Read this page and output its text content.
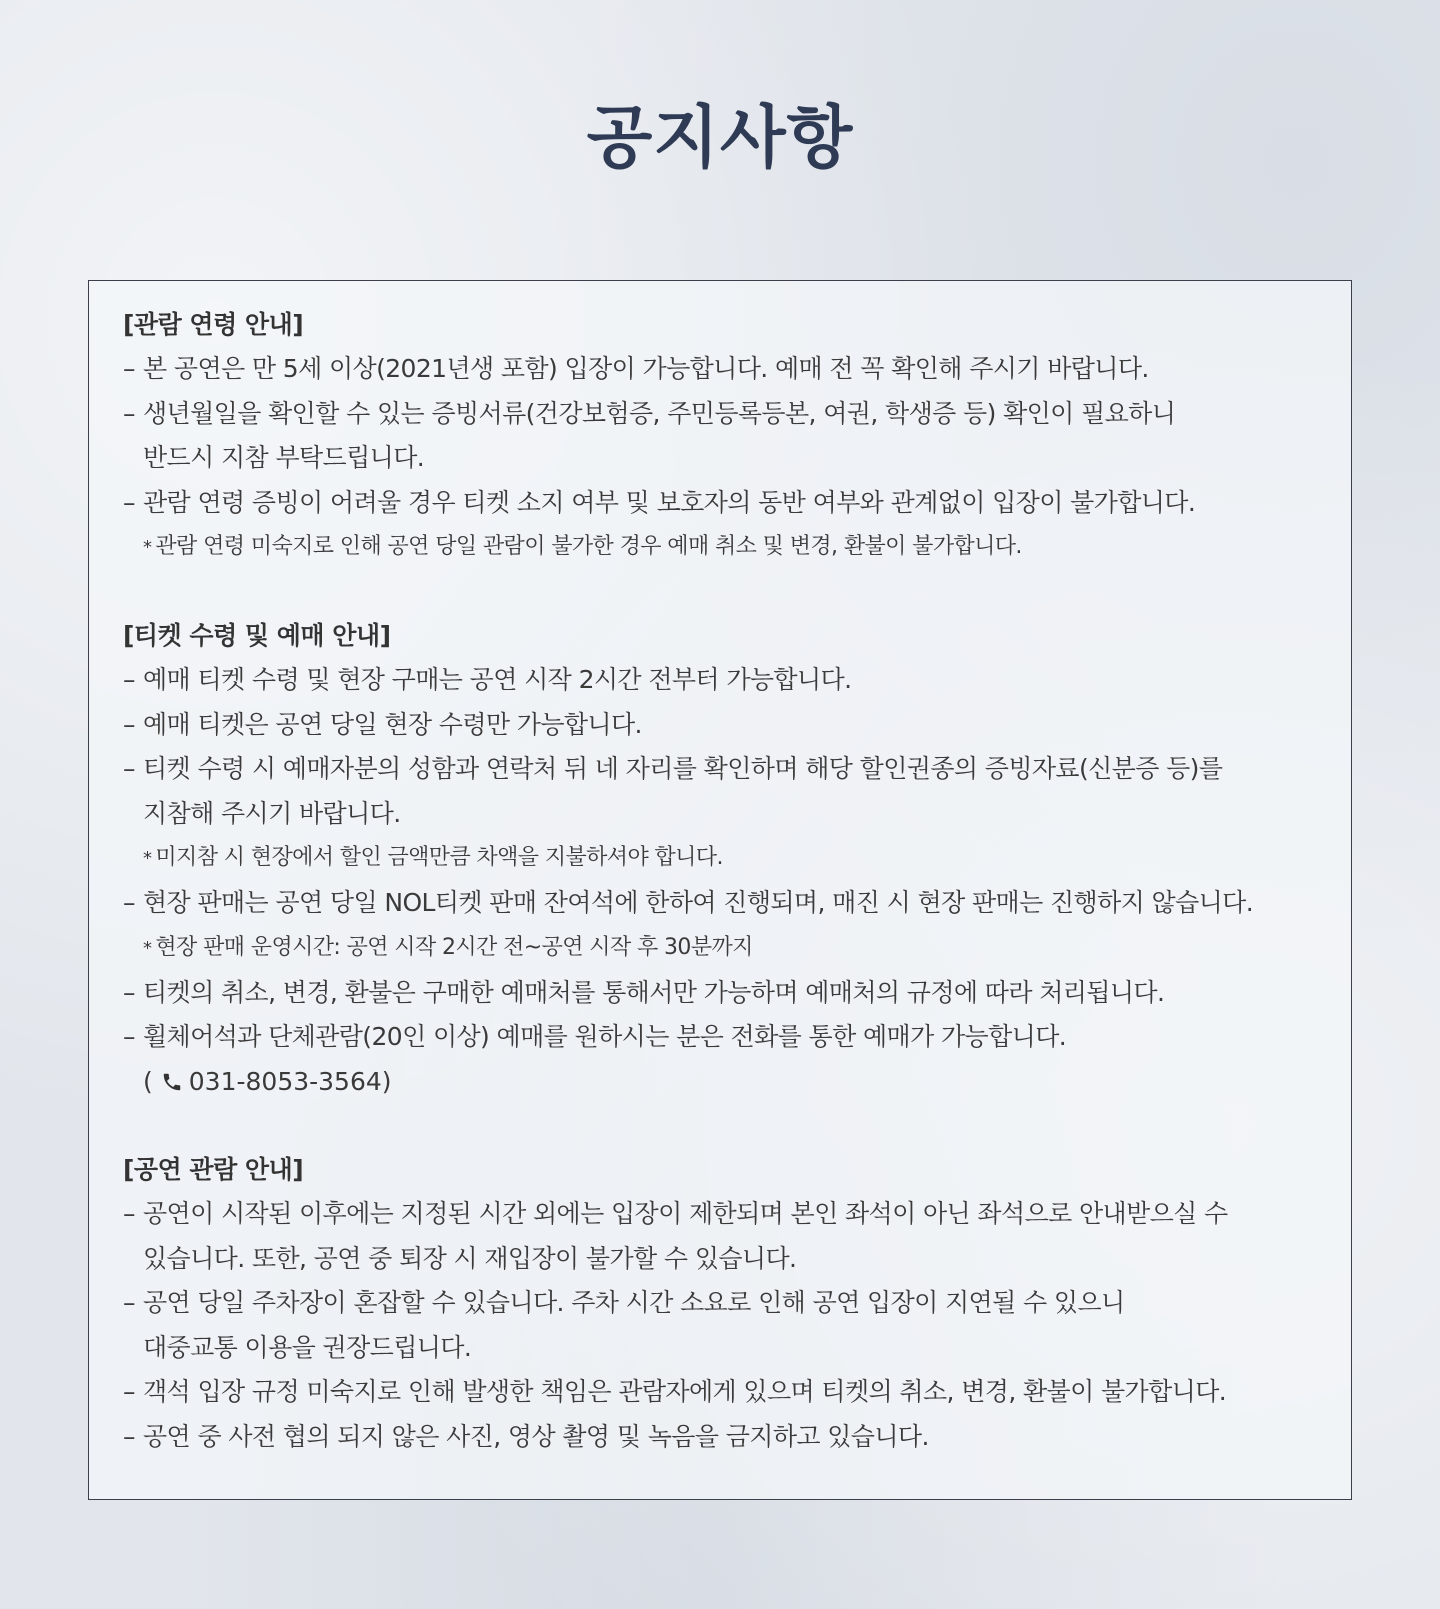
공지사항
[관람 연령 안내]
– 본 공연은 만 5세 이상(2021년생 포함) 입장이 가능합니다. 예매 전 꼭 확인해 주시기 바랍니다.
– 생년월일을 확인할 수 있는 증빙서류(건강보험증, 주민등록등본, 여권, 학생증 등) 확인이 필요하니
반드시 지참 부탁드립니다.
– 관람 연령 증빙이 어려울 경우 티켓 소지 여부 및 보호자의 동반 여부와 관계없이 입장이 불가합니다.
* 관람 연령 미숙지로 인해 공연 당일 관람이 불가한 경우 예매 취소 및 변경, 환불이 불가합니다.
[티켓 수령 및 예매 안내]
– 예매 티켓 수령 및 현장 구매는 공연 시작 2시간 전부터 가능합니다.
– 예매 티켓은 공연 당일 현장 수령만 가능합니다.
– 티켓 수령 시 예매자분의 성함과 연락처 뒤 네 자리를 확인하며 해당 할인권종의 증빙자료(신분증 등)를
지참해 주시기 바랍니다.
* 미지참 시 현장에서 할인 금액만큼 차액을 지불하셔야 합니다.
– 현장 판매는 공연 당일 NOL티켓 판매 잔여석에 한하여 진행되며, 매진 시 현장 판매는 진행하지 않습니다.
* 현장 판매 운영시간: 공연 시작 2시간 전~공연 시작 후 30분까지
– 티켓의 취소, 변경, 환불은 구매한 예매처를 통해서만 가능하며 예매처의 규정에 따라 처리됩니다.
– 휠체어석과 단체관람(20인 이상) 예매를 원하시는 분은 전화를 통한 예매가 가능합니다.
( 031-8053-3564 )
[공연 관람 안내]
– 공연이 시작된 이후에는 지정된 시간 외에는 입장이 제한되며 본인 좌석이 아닌 좌석으로 안내받으실 수
있습니다. 또한, 공연 중 퇴장 시 재입장이 불가할 수 있습니다.
– 공연 당일 주차장이 혼잡할 수 있습니다. 주차 시간 소요로 인해 공연 입장이 지연될 수 있으니
대중교통 이용을 권장드립니다.
– 객석 입장 규정 미숙지로 인해 발생한 책임은 관람자에게 있으며 티켓의 취소, 변경, 환불이 불가합니다.
– 공연 중 사전 협의 되지 않은 사진, 영상 촬영 및 녹음을 금지하고 있습니다.
